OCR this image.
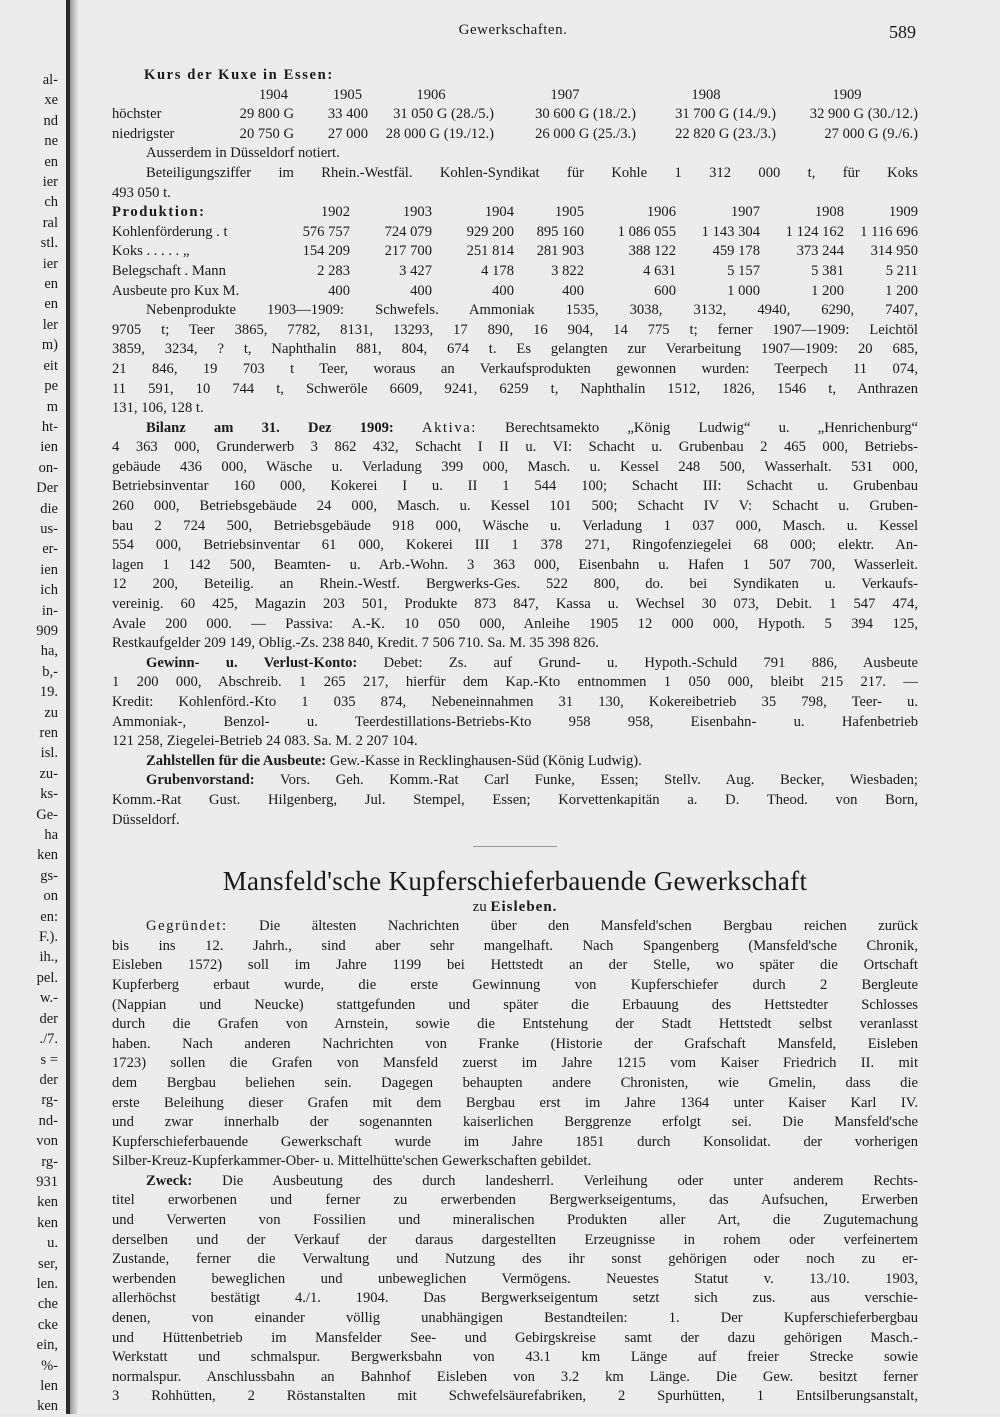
al-
xe
nd
ne
en
ier
ch
ral
stl.
ier
en
en
ler
m)
eit
pe
m
ht-
ien
on-
Der
die
us-
er-
ien
ich
in-
909
ha,
b,-
19.
zu
ren
isl.
zu-
ks-
Ge-
ha
ken
gs-
on
en:
F.).
ih.,
pel.
w.-
der
./7.
s =
der
rg-
nd-
von
rg-
931
ken
ken
u.
ser,
len.
che
cke
ein,
%-
len
ken
Gewerkschaften.	589
Kurs der Kuxe in Essen:
	1904	1905	1906	1907	1908	1909
höchster	29 800 G	33 400	31 050 G (28./5.)	30 600 G (18./2.)	31 700 G (14./9.)	32 900 G (30./12.)
niedrigster	20 750 G	27 000	28 000 G (19./12.)	26 000 G (25./3.)	22 820 G (23./3.)	27 000 G (9./6.)
Ausserdem in Düsseldorf notiert.
Beteiligungsziffer im Rhein.-Westfäl. Kohlen-Syndikat für Kohle 1 312 000 t, für Koks
493 050 t.
Produktion:	1902	1903	1904	1905	1906	1907	1908	1909
Kohlenförderung . t	576 757	724 079	929 200	895 160	1 086 055	1 143 304	1 124 162	1 116 696
Koks . . . . . „	154 209	217 700	251 814	281 903	388 122	459 178	373 244	314 950
Belegschaft . Mann	2 283	3 427	4 178	3 822	4 631	5 157	5 381	5 211
Ausbeute pro Kux M.	400	400	400	400	600	1 000	1 200	1 200
Nebenprodukte 1903—1909: Schwefels. Ammoniak 1535, 3038, 3132, 4940, 6290, 7407,
9705 t; Teer 3865, 7782, 8131, 13293, 17 890, 16 904, 14 775 t; ferner 1907—1909: Leichtöl
3859, 3234, ? t, Naphthalin 881, 804, 674 t. Es gelangten zur Verarbeitung 1907—1909: 20 685,
21 846, 19 703 t Teer, woraus an Verkaufsprodukten gewonnen wurden: Teerpech 11 074,
11 591, 10 744 t, Schweröle 6609, 9241, 6259 t, Naphthalin 1512, 1826, 1546 t, Anthrazen
131, 106, 128 t.
Bilanz am 31. Dez 1909: Aktiva: Berechtsamekto „König Ludwig“ u. „Henrichenburg“
4 363 000, Grunderwerb 3 862 432, Schacht I II u. VI: Schacht u. Grubenbau 2 465 000, Betriebs-
gebäude 436 000, Wäsche u. Verladung 399 000, Masch. u. Kessel 248 500, Wasserhalt. 531 000,
Betriebsinventar 160 000, Kokerei I u. II 1 544 100; Schacht III: Schacht u. Grubenbau
260 000, Betriebsgebäude 24 000, Masch. u. Kessel 101 500; Schacht IV V: Schacht u. Gruben-
bau 2 724 500, Betriebsgebäude 918 000, Wäsche u. Verladung 1 037 000, Masch. u. Kessel
554 000, Betriebsinventar 61 000, Kokerei III 1 378 271, Ringofenziegelei 68 000; elektr. An-
lagen 1 142 500, Beamten- u. Arb.-Wohn. 3 363 000, Eisenbahn u. Hafen 1 507 700, Wasserleit.
12 200, Beteilig. an Rhein.-Westf. Bergwerks-Ges. 522 800, do. bei Syndikaten u. Verkaufs-
vereinig. 60 425, Magazin 203 501, Produkte 873 847, Kassa u. Wechsel 30 073, Debit. 1 547 474,
Avale 200 000. — Passiva: A.-K. 10 050 000, Anleihe 1905 12 000 000, Hypoth. 5 394 125,
Restkaufgelder 209 149, Oblig.-Zs. 238 840, Kredit. 7 506 710. Sa. M. 35 398 826.
Gewinn- u. Verlust-Konto: Debet: Zs. auf Grund- u. Hypoth.-Schuld 791 886, Ausbeute
1 200 000, Abschreib. 1 265 217, hierfür dem Kap.-Kto entnommen 1 050 000, bleibt 215 217. —
Kredit: Kohlenförd.-Kto 1 035 874, Nebeneinnahmen 31 130, Kokereibetrieb 35 798, Teer- u.
Ammoniak-, Benzol- u. Teerdestillations-Betriebs-Kto 958 958, Eisenbahn- u. Hafenbetrieb
121 258, Ziegelei-Betrieb 24 083. Sa. M. 2 207 104.
Zahlstellen für die Ausbeute: Gew.-Kasse in Recklinghausen-Süd (König Ludwig).
Grubenvorstand: Vors. Geh. Komm.-Rat Carl Funke, Essen; Stellv. Aug. Becker, Wiesbaden;
Komm.-Rat Gust. Hilgenberg, Jul. Stempel, Essen; Korvettenkapitän a. D. Theod. von Born,
Düsseldorf.
Mansfeld'sche Kupferschieferbauende Gewerkschaft
zu Eisleben.
Gegründet: Die ältesten Nachrichten über den Mansfeld'schen Bergbau reichen zurück
bis ins 12. Jahrh., sind aber sehr mangelhaft. Nach Spangenberg (Mansfeld'sche Chronik,
Eisleben 1572) soll im Jahre 1199 bei Hettstedt an der Stelle, wo später die Ortschaft
Kupferberg erbaut wurde, die erste Gewinnung von Kupferschiefer durch 2 Bergleute
(Nappian und Neucke) stattgefunden und später die Erbauung des Hettstedter Schlosses
durch die Grafen von Arnstein, sowie die Entstehung der Stadt Hettstedt selbst veranlasst
haben. Nach anderen Nachrichten von Franke (Historie der Grafschaft Mansfeld, Eisleben
1723) sollen die Grafen von Mansfeld zuerst im Jahre 1215 vom Kaiser Friedrich II. mit
dem Bergbau beliehen sein. Dagegen behaupten andere Chronisten, wie Gmelin, dass die
erste Beleihung dieser Grafen mit dem Bergbau erst im Jahre 1364 unter Kaiser Karl IV.
und zwar innerhalb der sogenannten kaiserlichen Berggrenze erfolgt sei. Die Mansfeld'sche
Kupferschieferbauende Gewerkschaft wurde im Jahre 1851 durch Konsolidat. der vorherigen
Silber-Kreuz-Kupferkammer-Ober- u. Mittelhütte'schen Gewerkschaften gebildet.
Zweck: Die Ausbeutung des durch landesherrl. Verleihung oder unter anderem Rechts-
titel erworbenen und ferner zu erwerbenden Bergwerkseigentums, das Aufsuchen, Erwerben
und Verwerten von Fossilien und mineralischen Produkten aller Art, die Zugutemachung
derselben und der Verkauf der daraus dargestellten Erzeugnisse in rohem oder verfeinertem
Zustande, ferner die Verwaltung und Nutzung des ihr sonst gehörigen oder noch zu er-
werbenden beweglichen und unbeweglichen Vermögens. Neuestes Statut v. 13./10. 1903,
allerhöchst bestätigt 4./1. 1904. Das Bergwerkseigentum setzt sich zus. aus verschie-
denen, von einander völlig unabhängigen Bestandteilen: 1. Der Kupferschieferbergbau
und Hüttenbetrieb im Mansfelder See- und Gebirgskreise samt der dazu gehörigen Masch.-
Werkstatt und schmalspur. Bergwerksbahn von 43.1 km Länge auf freier Strecke sowie
normalspur. Anschlussbahn an Bahnhof Eisleben von 3.2 km Länge. Die Gew. besitzt ferner
3 Rohhütten, 2 Röstanstalten mit Schwefelsäurefabriken, 2 Spurhütten, 1 Entsilberungsanstalt,
